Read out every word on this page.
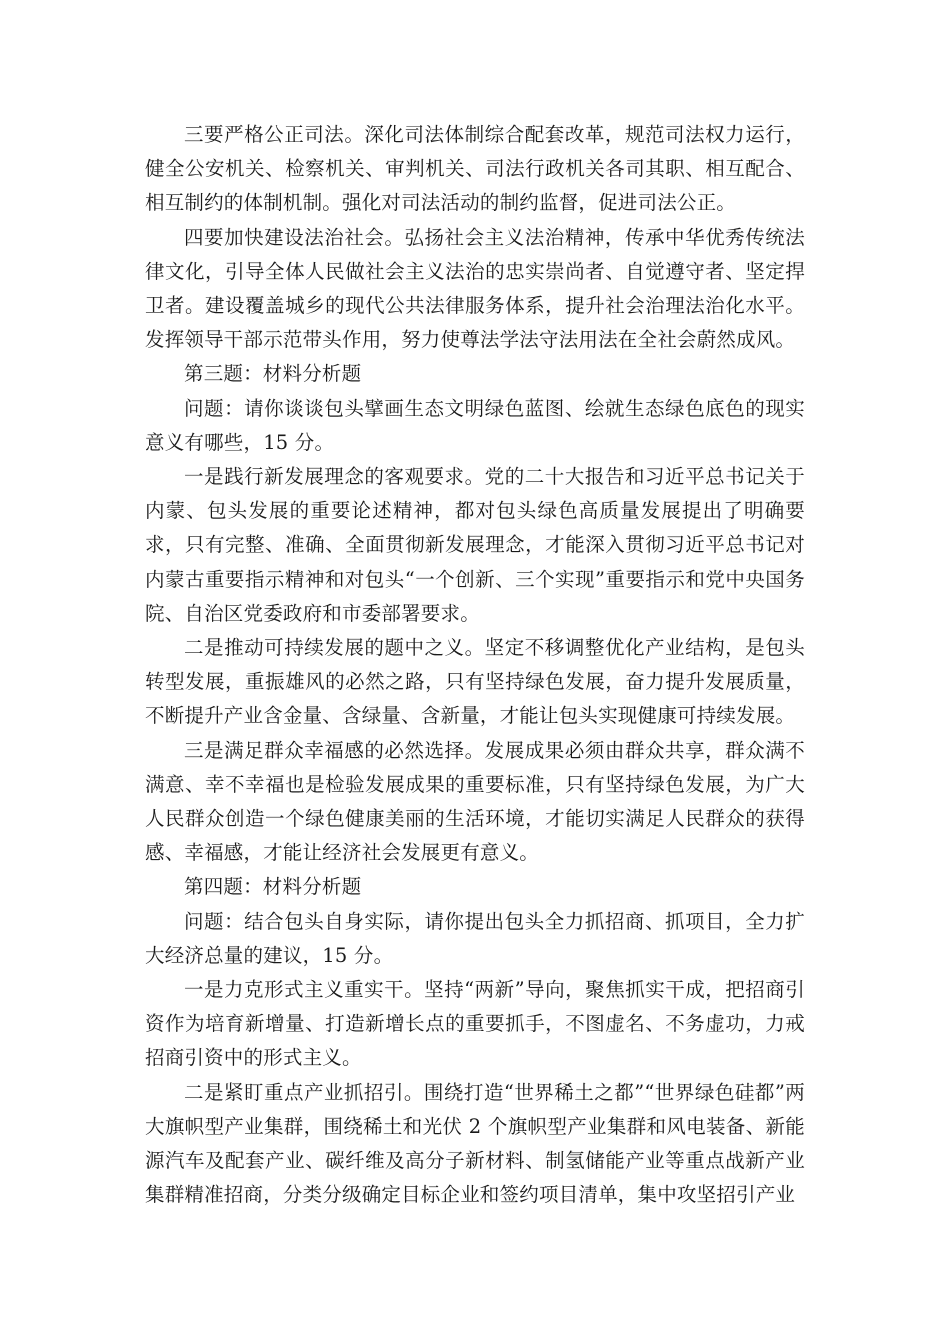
三要严格公正司法。深化司法体制综合配套改革，规范司法权力运行，健全公安机关、检察机关、审判机关、司法行政机关各司其职、相互配合、相互制约的体制机制。强化对司法活动的制约监督，促进司法公正。

四要加快建设法治社会。弘扬社会主义法治精神，传承中华优秀传统法律文化，引导全体人民做社会主义法治的忠实崇尚者、自觉遵守者、坚定捍卫者。建设覆盖城乡的现代公共法律服务体系，提升社会治理法治化水平。发挥领导干部示范带头作用，努力使尊法学法守法用法在全社会蔚然成风。

第三题：材料分析题

问题：请你谈谈包头擘画生态文明绿色蓝图、绘就生态绿色底色的现实意义有哪些，15 分。

一是践行新发展理念的客观要求。党的二十大报告和习近平总书记关于内蒙、包头发展的重要论述精神，都对包头绿色高质量发展提出了明确要求，只有完整、准确、全面贯彻新发展理念，才能深入贯彻习近平总书记对内蒙古重要指示精神和对包头“一个创新、三个实现”重要指示和党中央国务院、自治区党委政府和市委部署要求。

二是推动可持续发展的题中之义。坚定不移调整优化产业结构，是包头转型发展，重振雄风的必然之路，只有坚持绿色发展，奋力提升发展质量，不断提升产业含金量、含绿量、含新量，才能让包头实现健康可持续发展。

三是满足群众幸福感的必然选择。发展成果必须由群众共享，群众满不满意、幸不幸福也是检验发展成果的重要标准，只有坚持绿色发展，为广大人民群众创造一个绿色健康美丽的生活环境，才能切实满足人民群众的获得感、幸福感，才能让经济社会发展更有意义。

第四题：材料分析题

问题：结合包头自身实际，请你提出包头全力抓招商、抓项目，全力扩大经济总量的建议，15 分。

一是力克形式主义重实干。坚持“两新”导向，聚焦抓实干成，把招商引资作为培育新增量、打造新增长点的重要抓手，不图虚名、不务虚功，力戒招商引资中的形式主义。

二是紧盯重点产业抓招引。围绕打造“世界稀土之都”“世界绿色硅都”两大旗帜型产业集群，围绕稀土和光伏 2 个旗帜型产业集群和风电装备、新能源汽车及配套产业、碳纤维及高分子新材料、制氢储能产业等重点战新产业集群精准招商，分类分级确定目标企业和签约项目清单，集中攻坚招引产业
